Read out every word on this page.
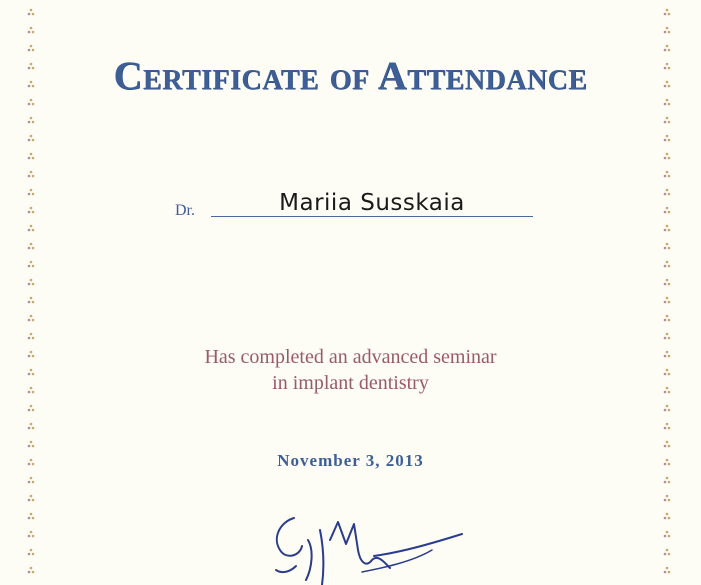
Certificate of Attendance
Dr.	Mariia Susskaia
Has completed an advanced seminar
in implant dentistry
November 3, 2013
